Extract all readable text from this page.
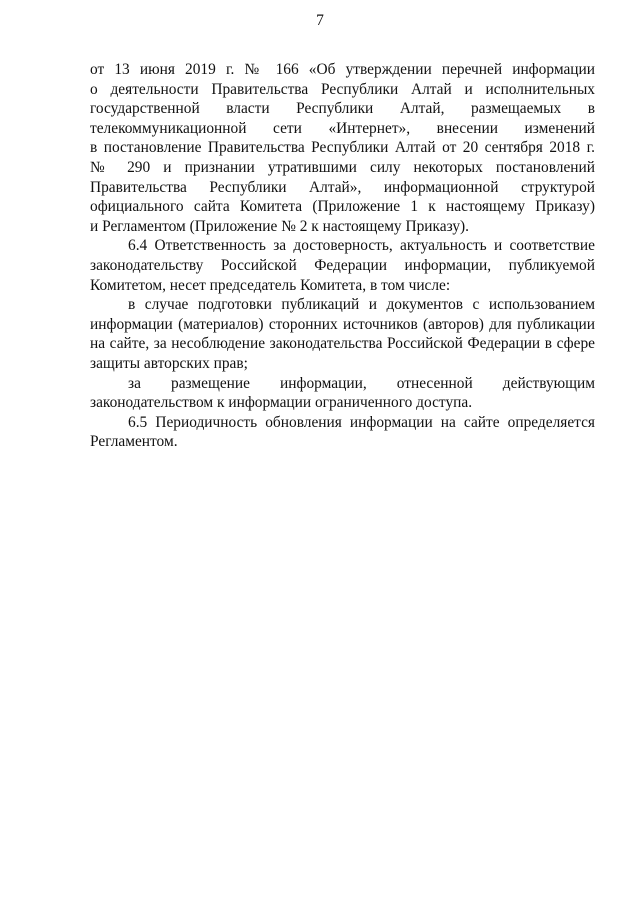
7
от 13 июня 2019 г. № 166 «Об утверждении перечней информации
о деятельности Правительства Республики Алтай и исполнительных
государственной власти Республики Алтай, размещаемых в
телекоммуникационной сети «Интернет», внесении изменений
в постановление Правительства Республики Алтай от 20 сентября 2018 г.
№ 290 и признании утратившими силу некоторых постановлений
Правительства Республики Алтай», информационной структурой
официального сайта Комитета (Приложение 1 к настоящему Приказу)
и Регламентом (Приложение № 2 к настоящему Приказу).
6.4 Ответственность за достоверность, актуальность и соответствие
законодательству Российской Федерации информации, публикуемой
Комитетом, несет председатель Комитета, в том числе:
в случае подготовки публикаций и документов с использованием
информации (материалов) сторонних источников (авторов) для публикации
на сайте, за несоблюдение законодательства Российской Федерации в сфере
защиты авторских прав;
за размещение информации, отнесенной действующим
законодательством к информации ограниченного доступа.
6.5 Периодичность обновления информации на сайте определяется
Регламентом.
